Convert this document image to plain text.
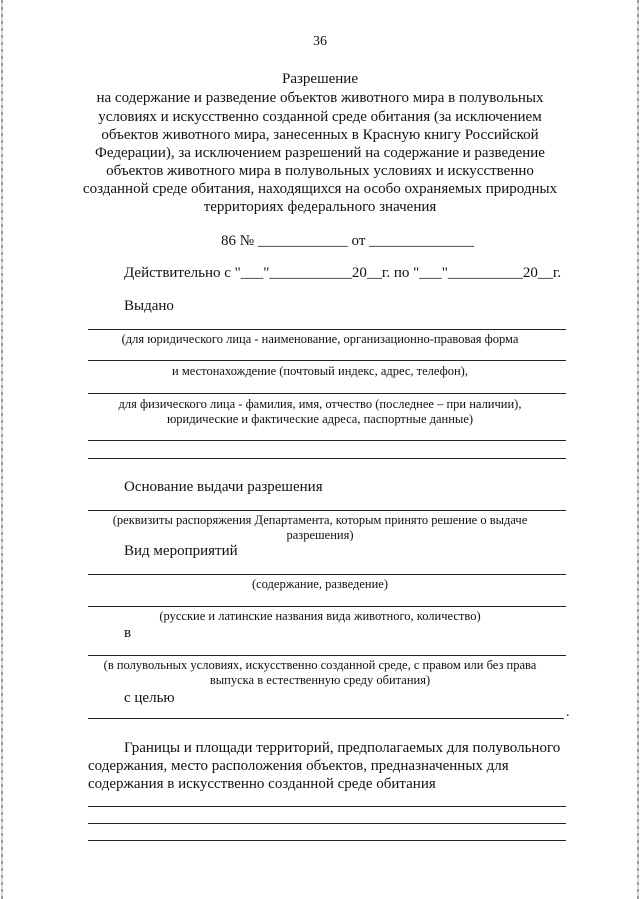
36
Разрешение
на содержание и разведение объектов животного мира в полувольных
условиях и искусственно созданной среде обитания (за исключением
объектов животного мира, занесенных в Красную книгу Российской
Федерации), за исключением разрешений на содержание и разведение
объектов животного мира в полувольных условиях и искусственно
созданной среде обитания, находящихся на особо охраняемых природных
территориях федерального значения
86 № ____________ от ______________
Действительно с "___"___________20__г. по "___"__________20__г.
Выдано
(для юридического лица - наименование, организационно-правовая форма
и местонахождение (почтовый индекс, адрес, телефон),
для физического лица - фамилия, имя, отчество (последнее – при наличии),
юридические и фактические адреса, паспортные данные)
Основание выдачи разрешения
(реквизиты распоряжения Департамента, которым принято решение о выдаче
разрешения)
Вид мероприятий
(содержание, разведение)
(русские и латинские названия вида животного, количество)
в
(в полувольных условиях, искусственно созданной среде, с правом или без права
выпуска в естественную среду обитания)
с целью
.
Границы и площади территорий, предполагаемых для полувольного
содержания, место расположения объектов, предназначенных для
содержания в искусственно созданной среде обитания
